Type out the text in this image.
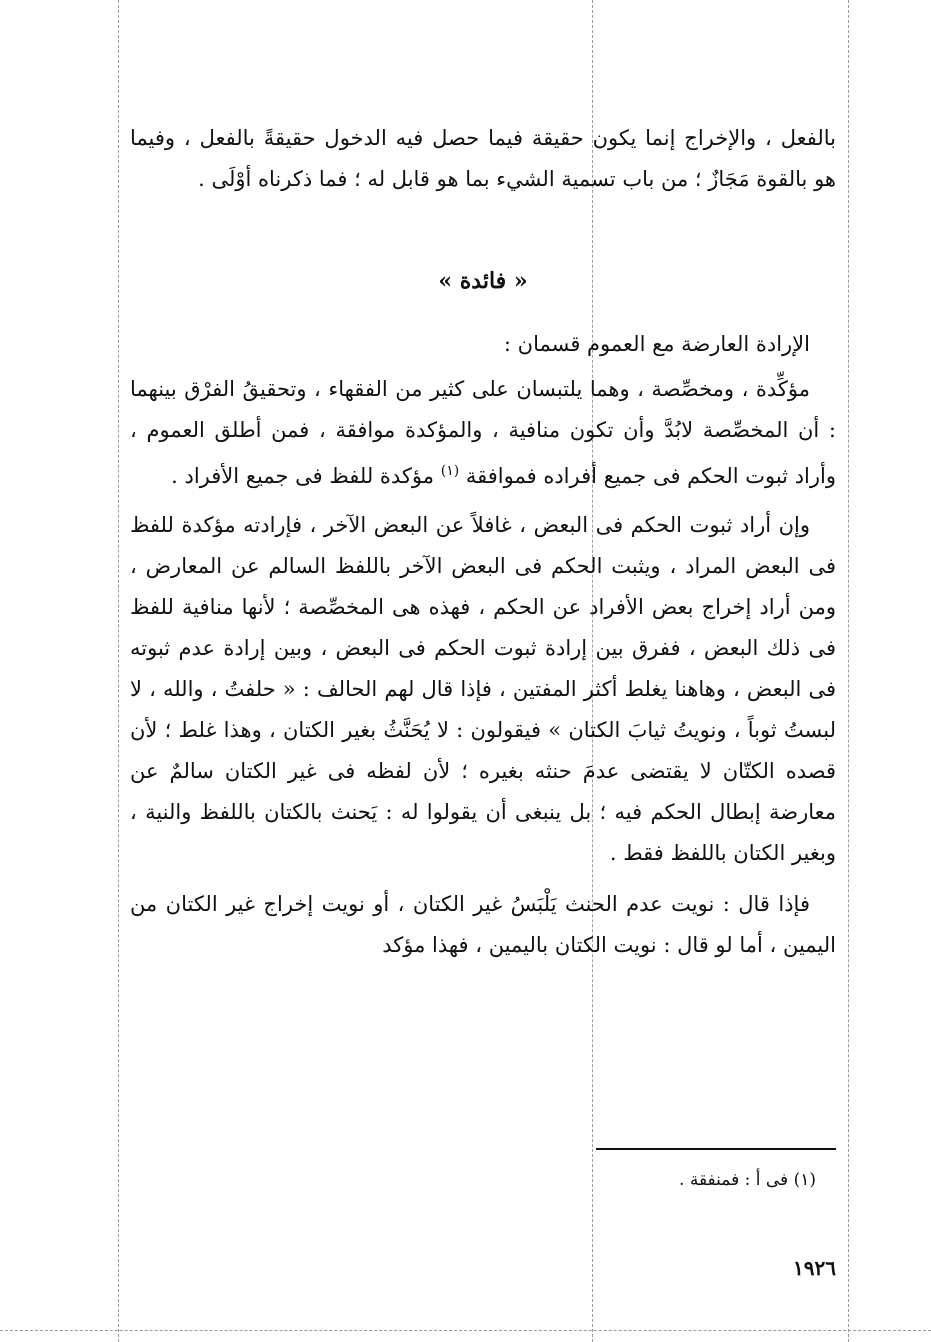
بالفعل ، والإخراج إنما يكون حقيقة فيما حصل فيه الدخول حقيقةً بالفعل ، وفيما هو بالقوة مَجَازٌ ؛ من باب تسمية الشيء بما هو قابل له ؛ فما ذكرناه أوْلَى .

« فائدة »

الإرادة العارضة مع العموم قسمان :

مؤكِّدة ، ومخصِّصة ، وهما يلتبسان على كثير من الفقهاء ، وتحقيقُ الفرْق بينهما : أن المخصِّصة لابُدَّ وأن تكون منافية ، والمؤكدة موافقة ، فمن أطلق العموم ، وأراد ثبوت الحكم فى جميع أفراده فموافقة $^{(١)}$ مؤكدة للفظ فى جميع الأفراد .

وإن أراد ثبوت الحكم فى البعض ، غافلاً عن البعض الآخر ، فإرادته مؤكدة للفظ فى البعض المراد ، ويثبت الحكم فى البعض الآخر باللفظ السالم عن المعارض ، ومن أراد إخراج بعض الأفراد عن الحكم ، فهذه هى المخصِّصة ؛ لأنها منافية للفظ فى ذلك البعض ، ففرق بين إرادة ثبوت الحكم فى البعض ، وبين إرادة عدم ثبوته فى البعض ، وهاهنا يغلط أكثر المفتين ، فإذا قال لهم الحالف : « حلفتُ ، والله ، لا لبستُ ثوباً ، ونويتُ ثيابَ الكتان » فيقولون : لا يُحَنَّثُ بغير الكتان ، وهذا غلط ؛ لأن قصده الكتّان لا يقتضى عدمَ حنثه بغيره ؛ لأن لفظه فى غير الكتان سالمٌ عن معارضة إبطال الحكم فيه ؛ بل ينبغى أن يقولوا له : يَحنث بالكتان باللفظ والنية ، وبغير الكتان باللفظ فقط .

فإذا قال : نويت عدم الحنث يَلْبَسُ غير الكتان ، أو نويت إخراج غير الكتان من اليمين ، أما لو قال : نويت الكتان باليمين ، فهذا مؤكد

(١) فى أ : فمنفقة .
١٩٢٦
